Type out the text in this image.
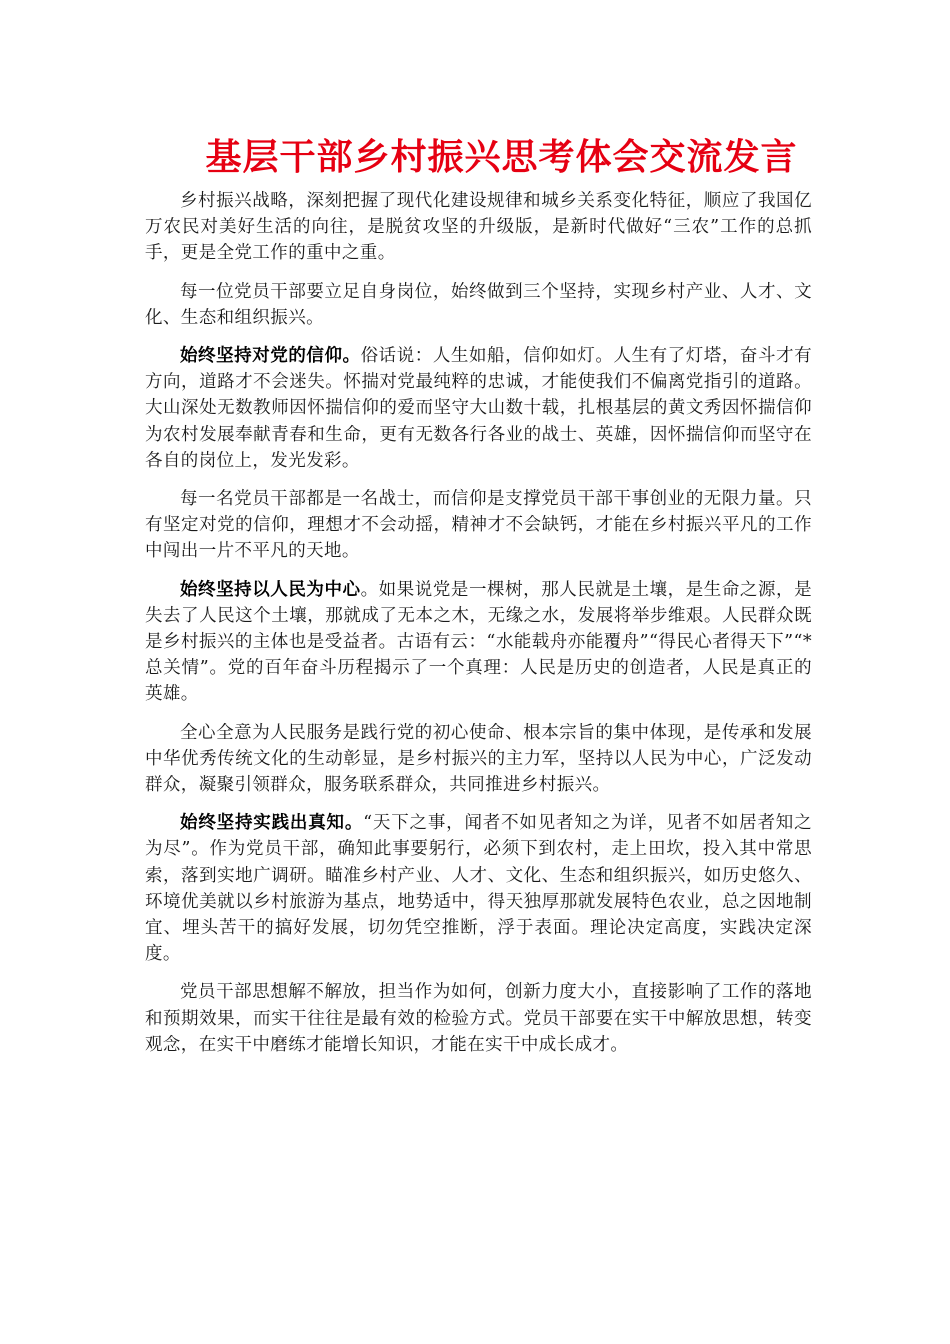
基层干部乡村振兴思考体会交流发言

乡村振兴战略，深刻把握了现代化建设规律和城乡关系变化特征，顺应了我国亿万农民对美好生活的向往，是脱贫攻坚的升级版，是新时代做好“三农”工作的总抓手，更是全党工作的重中之重。

每一位党员干部要立足自身岗位，始终做到三个坚持，实现乡村产业、人才、文化、生态和组织振兴。

始终坚持对党的信仰。俗话说：人生如船，信仰如灯。人生有了灯塔，奋斗才有方向，道路才不会迷失。怀揣对党最纯粹的忠诚，才能使我们不偏离党指引的道路。大山深处无数教师因怀揣信仰的爱而坚守大山数十载，扎根基层的黄文秀因怀揣信仰为农村发展奉献青春和生命，更有无数各行各业的战士、英雄，因怀揣信仰而坚守在各自的岗位上，发光发彩。

每一名党员干部都是一名战士，而信仰是支撑党员干部干事创业的无限力量。只有坚定对党的信仰，理想才不会动摇，精神才不会缺钙，才能在乡村振兴平凡的工作中闯出一片不平凡的天地。

始终坚持以人民为中心。如果说党是一棵树，那人民就是土壤，是生命之源，是失去了人民这个土壤，那就成了无本之木，无缘之水，发展将举步维艰。人民群众既是乡村振兴的主体也是受益者。古语有云：“水能载舟亦能覆舟”“得民心者得天下”“*总关情”。党的百年奋斗历程揭示了一个真理：人民是历史的创造者，人民是真正的英雄。

全心全意为人民服务是践行党的初心使命、根本宗旨的集中体现，是传承和发展中华优秀传统文化的生动彰显，是乡村振兴的主力军，坚持以人民为中心，广泛发动群众，凝聚引领群众，服务联系群众，共同推进乡村振兴。

始终坚持实践出真知。“天下之事，闻者不如见者知之为详，见者不如居者知之为尽”。作为党员干部，确知此事要躬行，必须下到农村，走上田坎，投入其中常思索，落到实地广调研。瞄准乡村产业、人才、文化、生态和组织振兴，如历史悠久、环境优美就以乡村旅游为基点，地势适中，得天独厚那就发展特色农业，总之因地制宜、埋头苦干的搞好发展，切勿凭空推断，浮于表面。理论决定高度，实践决定深度。

党员干部思想解不解放，担当作为如何，创新力度大小，直接影响了工作的落地和预期效果，而实干往往是最有效的检验方式。党员干部要在实干中解放思想，转变观念，在实干中磨练才能增长知识，才能在实干中成长成才。
